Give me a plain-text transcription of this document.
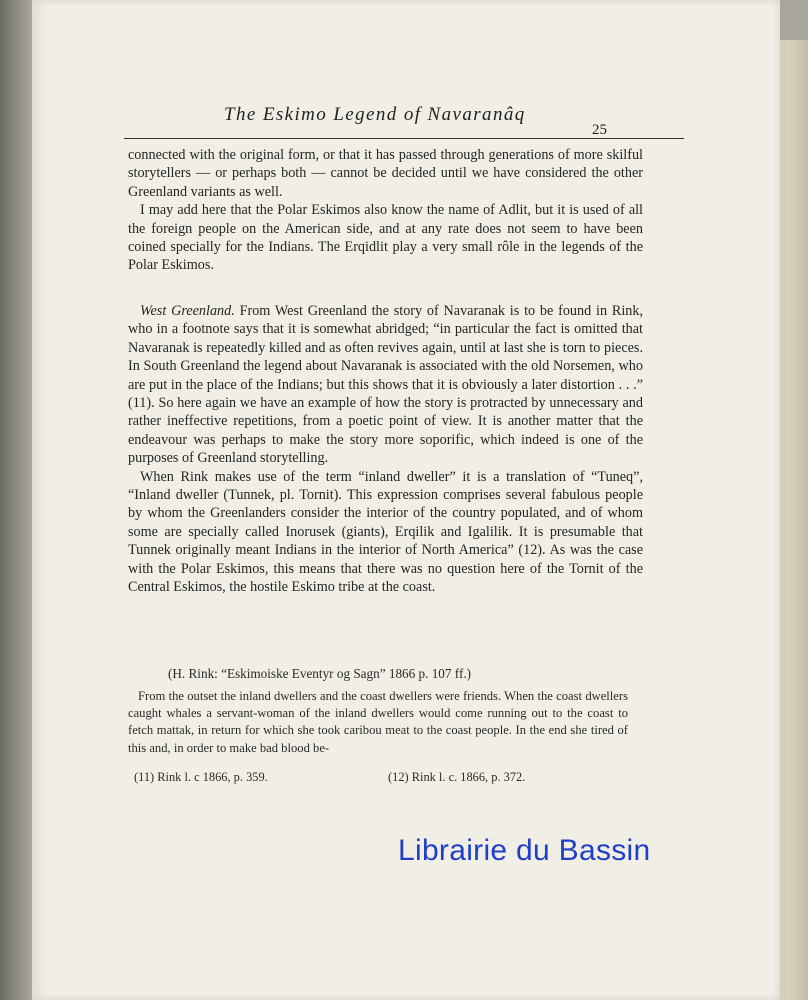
The Eskimo Legend of Navaranâq
25

connected with the original form, or that it has passed through generations of more skilful storytellers — or perhaps both — cannot be decided until we have considered the other Greenland variants as well.

I may add here that the Polar Eskimos also know the name of Adlit, but it is used of all the foreign people on the American side, and at any rate does not seem to have been coined specially for the Indians. The Erqidlit play a very small rôle in the legends of the Polar Eskimos.

West Greenland. From West Greenland the story of Navaranak is to be found in Rink, who in a footnote says that it is somewhat abridged; “in particular the fact is omitted that Navaranak is repeatedly killed and as often revives again, until at last she is torn to pieces. In South Greenland the legend about Navaranak is associated with the old Norsemen, who are put in the place of the Indians; but this shows that it is obviously a later distortion . . .” (11). So here again we have an example of how the story is protracted by unnecessary and rather ineffective repetitions, from a poetic point of view. It is another matter that the endeavour was perhaps to make the story more soporific, which indeed is one of the purposes of Greenland storytelling.

When Rink makes use of the term “inland dweller” it is a translation of “Tuneq”, “Inland dweller (Tunnek, pl. Tornit). This expression comprises several fabulous people by whom the Greenlanders consider the interior of the country populated, and of whom some are specially called Inorusek (giants), Erqilik and Igalilik. It is presumable that Tunnek originally meant Indians in the interior of North America” (12). As was the case with the Polar Eskimos, this means that there was no question here of the Tornit of the Central Eskimos, the hostile Eskimo tribe at the coast.

(H. Rink: “Eskimoiske Eventyr og Sagn” 1866 p. 107 ff.)

From the outset the inland dwellers and the coast dwellers were friends. When the coast dwellers caught whales a servant-woman of the inland dwellers would come running out to the coast to fetch mattak, in return for which she took caribou meat to the coast people. In the end she tired of this and, in order to make bad blood be-

(11) Rink l. c 1866, p. 359.	(12) Rink l. c. 1866, p. 372.
Librairie du Bassin
